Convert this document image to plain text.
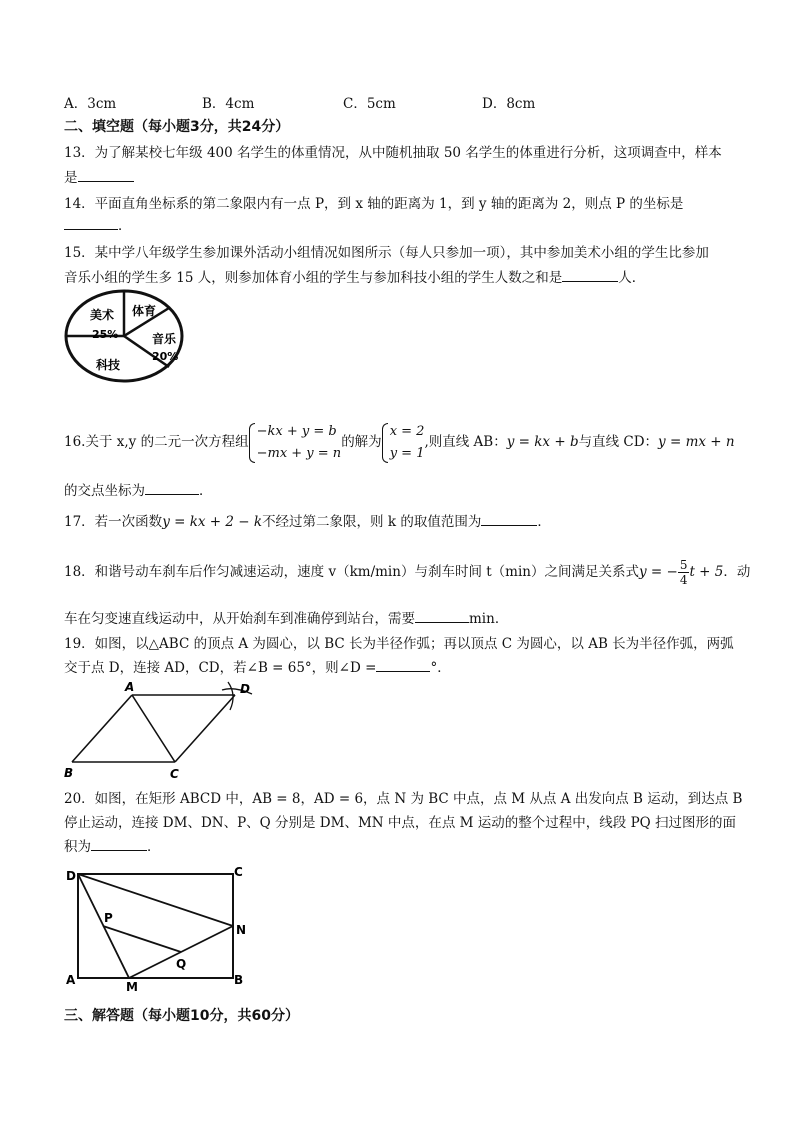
A．3cm	B．4cm	C．5cm	D．8cm
二、填空题（每小题3分，共24分）
13．为了解某校七年级 400 名学生的体重情况，从中随机抽取 50 名学生的体重进行分析，这项调查中，样本
是
14．平面直角坐标系的第二象限内有一点 P，到 x 轴的距离为 1，到 y 轴的距离为 2，则点 P 的坐标是
．
15．某中学八年级学生参加课外活动小组情况如图所示（每人只参加一项），其中参加美术小组的学生比参加
音乐小组的学生多 15 人，则参加体育小组的学生与参加科技小组的学生人数之和是	人．
美术
25%
体育
音乐
20%
科技
16.关于 x,y 的二元一次方程组
−kx + y = b
−mx + y = n
的解为
x = 2
y = 1
,则直线 AB：y = kx + b与直线 CD：y = mx + n
的交点坐标为	．
17．若一次函数y = kx + 2 − k不经过第二象限，则 k 的取值范围为	．
18．和谐号动车刹车后作匀减速运动，速度 v（km/min）与刹车时间 t（min）之间满足关系式y = − $\frac{5}{4}$ t + 5．动
车在匀变速直线运动中，从开始刹车到准确停到站台，需要	min．
19．如图，以△ABC 的顶点 A 为圆心，以 BC 长为半径作弧；再以顶点 C 为圆心，以 AB 长为半径作弧，两弧
交于点 D，连接 AD，CD，若∠B = 65°，则∠D =	°．
A
B	C
D
20．如图，在矩形 ABCD 中，AB = 8，AD = 6，点 N 为 BC 中点，点 M 从点 A 出发向点 B 运动，到达点 B
停止运动，连接 DM、DN、P、Q 分别是 DM、MN 中点，在点 M 运动的整个过程中，线段 PQ 扫过图形的面
积为	．
D	C
A	B
N
M
P
Q
三、解答题（每小题10分，共60分）
